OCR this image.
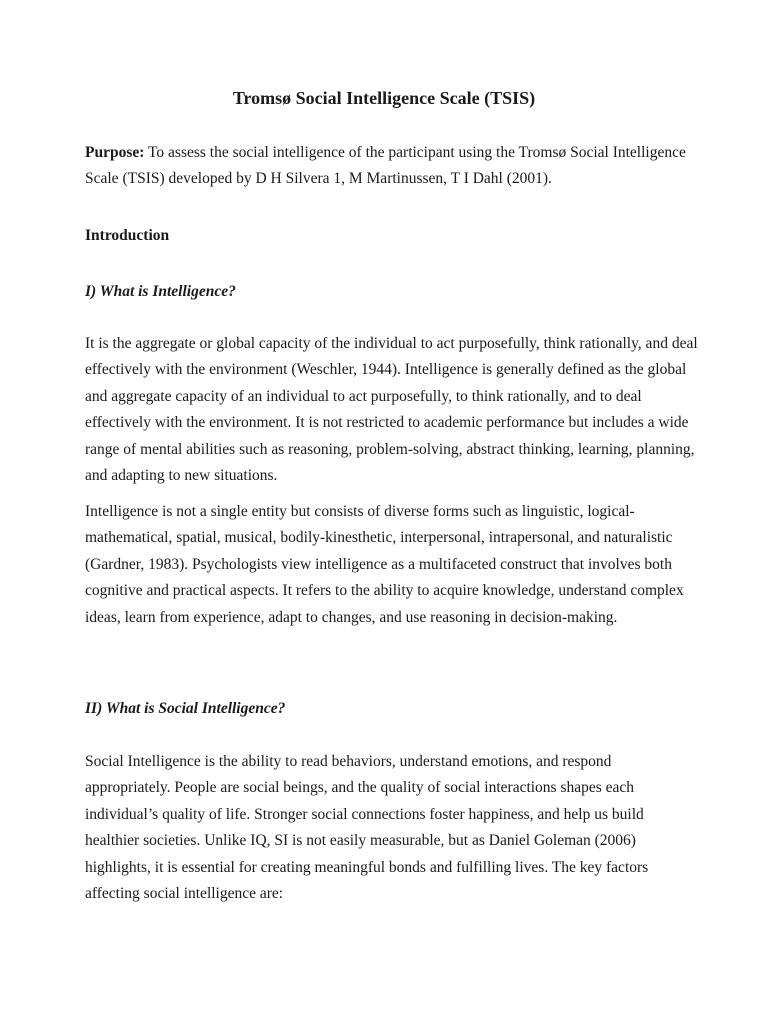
Tromsø Social Intelligence Scale (TSIS)
Purpose: To assess the social intelligence of the participant using the Tromsø Social Intelligence Scale (TSIS) developed by D H Silvera 1, M Martinussen, T I Dahl (2001).
Introduction
I) What is Intelligence?
It is the aggregate or global capacity of the individual to act purposefully, think rationally, and deal effectively with the environment (Weschler, 1944). Intelligence is generally defined as the global and aggregate capacity of an individual to act purposefully, to think rationally, and to deal effectively with the environment. It is not restricted to academic performance but includes a wide range of mental abilities such as reasoning, problem-solving, abstract thinking, learning, planning, and adapting to new situations.
Intelligence is not a single entity but consists of diverse forms such as linguistic, logical-mathematical, spatial, musical, bodily-kinesthetic, interpersonal, intrapersonal, and naturalistic (Gardner, 1983). Psychologists view intelligence as a multifaceted construct that involves both cognitive and practical aspects. It refers to the ability to acquire knowledge, understand complex ideas, learn from experience, adapt to changes, and use reasoning in decision-making.
II) What is Social Intelligence?
Social Intelligence is the ability to read behaviors, understand emotions, and respond appropriately. People are social beings, and the quality of social interactions shapes each individual’s quality of life. Stronger social connections foster happiness, and help us build healthier societies. Unlike IQ, SI is not easily measurable, but as Daniel Goleman (2006) highlights, it is essential for creating meaningful bonds and fulfilling lives. The key factors affecting social intelligence are:
